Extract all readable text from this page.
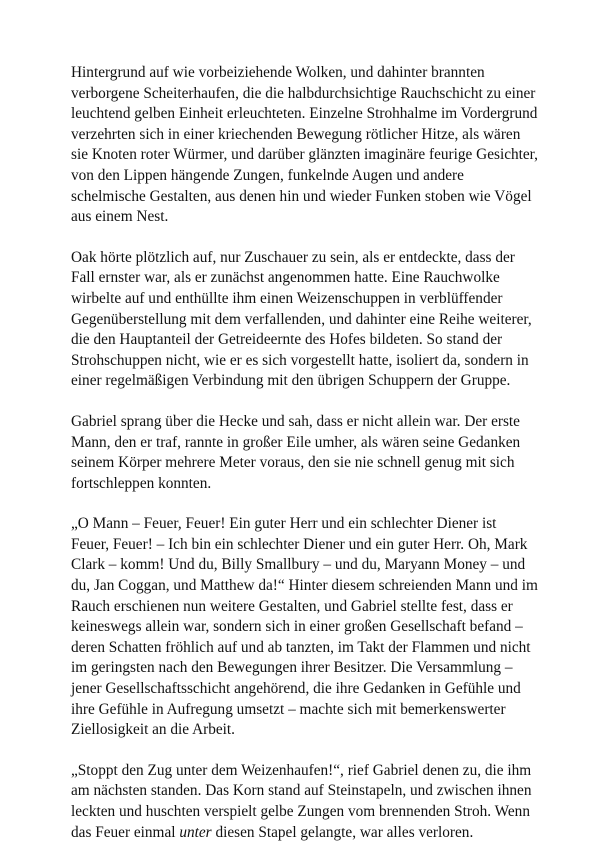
Hintergrund auf wie vorbeiziehende Wolken, und dahinter brannten
verborgene Scheiterhaufen, die die halbdurchsichtige Rauchschicht zu einer
leuchtend gelben Einheit erleuchteten. Einzelne Strohhalme im Vordergrund
verzehrten sich in einer kriechenden Bewegung rötlicher Hitze, als wären
sie Knoten roter Würmer, und darüber glänzten imaginäre feurige Gesichter,
von den Lippen hängende Zungen, funkelnde Augen und andere
schelmische Gestalten, aus denen hin und wieder Funken stoben wie Vögel
aus einem Nest.

Oak hörte plötzlich auf, nur Zuschauer zu sein, als er entdeckte, dass der
Fall ernster war, als er zunächst angenommen hatte. Eine Rauchwolke
wirbelte auf und enthüllte ihm einen Weizenschuppen in verblüffender
Gegenüberstellung mit dem verfallenden, und dahinter eine Reihe weiterer,
die den Hauptanteil der Getreideernte des Hofes bildeten. So stand der
Strohschuppen nicht, wie er es sich vorgestellt hatte, isoliert da, sondern in
einer regelmäßigen Verbindung mit den übrigen Schuppern der Gruppe.

Gabriel sprang über die Hecke und sah, dass er nicht allein war. Der erste
Mann, den er traf, rannte in großer Eile umher, als wären seine Gedanken
seinem Körper mehrere Meter voraus, den sie nie schnell genug mit sich
fortschleppen konnten.

„O Mann – Feuer, Feuer! Ein guter Herr und ein schlechter Diener ist
Feuer, Feuer! – Ich bin ein schlechter Diener und ein guter Herr. Oh, Mark
Clark – komm! Und du, Billy Smallbury – und du, Maryann Money – und
du, Jan Coggan, und Matthew da!“ Hinter diesem schreienden Mann und im
Rauch erschienen nun weitere Gestalten, und Gabriel stellte fest, dass er
keineswegs allein war, sondern sich in einer großen Gesellschaft befand –
deren Schatten fröhlich auf und ab tanzten, im Takt der Flammen und nicht
im geringsten nach den Bewegungen ihrer Besitzer. Die Versammlung –
jener Gesellschaftsschicht angehörend, die ihre Gedanken in Gefühle und
ihre Gefühle in Aufregung umsetzt – machte sich mit bemerkenswerter
Ziellosigkeit an die Arbeit.

„Stoppt den Zug unter dem Weizenhaufen!“, rief Gabriel denen zu, die ihm
am nächsten standen. Das Korn stand auf Steinstapeln, und zwischen ihnen
leckten und huschten verspielt gelbe Zungen vom brennenden Stroh. Wenn
das Feuer einmal unter diesen Stapel gelangte, war alles verloren.
